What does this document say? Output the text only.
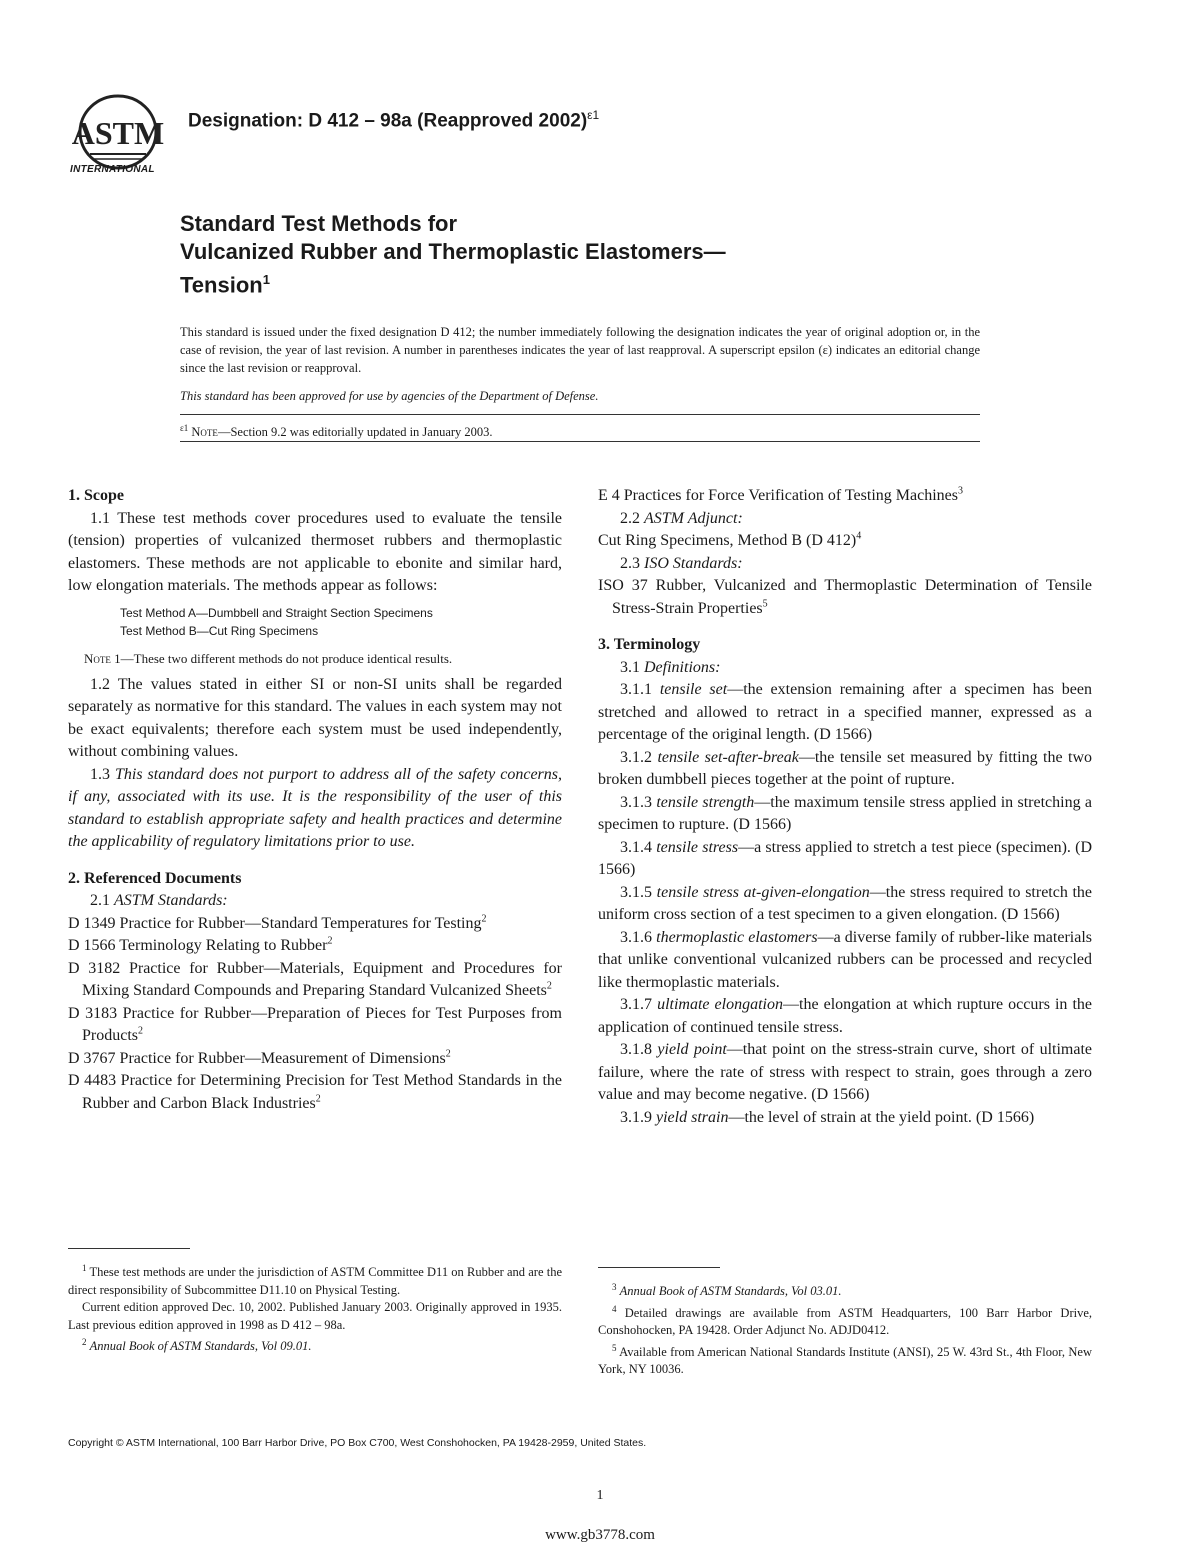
ASTM
INTERNATIONAL
Designation: D 412 – 98a (Reapproved 2002)$^{\varepsilon 1}$
Standard Test Methods for
Vulcanized Rubber and Thermoplastic Elastomers—
Tension$^1$
This standard is issued under the fixed designation D 412; the number immediately following the designation indicates the year of original adoption or, in the case of revision, the year of last revision. A number in parentheses indicates the year of last reapproval. A superscript epsilon (ε) indicates an editorial change since the last revision or reapproval.
This standard has been approved for use by agencies of the Department of Defense.
$^{\varepsilon 1}$ Note—Section 9.2 was editorially updated in January 2003.

1. Scope

1.1 These test methods cover procedures used to evaluate the tensile (tension) properties of vulcanized thermoset rubbers and thermoplastic elastomers. These methods are not applicable to ebonite and similar hard, low elongation materials. The methods appear as follows:

Test Method A—Dumbbell and Straight Section Specimens
Test Method B—Cut Ring Specimens

Note 1—These two different methods do not produce identical results.

1.2 The values stated in either SI or non-SI units shall be regarded separately as normative for this standard. The values in each system may not be exact equivalents; therefore each system must be used independently, without combining values.

1.3 This standard does not purport to address all of the safety concerns, if any, associated with its use. It is the responsibility of the user of this standard to establish appropriate safety and health practices and determine the applicability of regulatory limitations prior to use.

2. Referenced Documents

2.1 ASTM Standards:

D 1349 Practice for Rubber—Standard Temperatures for Testing$^2$

D 1566 Terminology Relating to Rubber$^2$

D 3182 Practice for Rubber—Materials, Equipment and Procedures for Mixing Standard Compounds and Preparing Standard Vulcanized Sheets$^2$

D 3183 Practice for Rubber—Preparation of Pieces for Test Purposes from Products$^2$

D 3767 Practice for Rubber—Measurement of Dimensions$^2$

D 4483 Practice for Determining Precision for Test Method Standards in the Rubber and Carbon Black Industries$^2$

E 4 Practices for Force Verification of Testing Machines$^3$

2.2 ASTM Adjunct:

Cut Ring Specimens, Method B (D 412)$^4$

2.3 ISO Standards:

ISO 37 Rubber, Vulcanized and Thermoplastic Determination of Tensile Stress-Strain Properties$^5$

3. Terminology

3.1 Definitions:

3.1.1 tensile set—the extension remaining after a specimen has been stretched and allowed to retract in a specified manner, expressed as a percentage of the original length. (D 1566)

3.1.2 tensile set-after-break—the tensile set measured by fitting the two broken dumbbell pieces together at the point of rupture.

3.1.3 tensile strength—the maximum tensile stress applied in stretching a specimen to rupture. (D 1566)

3.1.4 tensile stress—a stress applied to stretch a test piece (specimen). (D 1566)

3.1.5 tensile stress at-given-elongation—the stress required to stretch the uniform cross section of a test specimen to a given elongation. (D 1566)

3.1.6 thermoplastic elastomers—a diverse family of rubber-like materials that unlike conventional vulcanized rubbers can be processed and recycled like thermoplastic materials.

3.1.7 ultimate elongation—the elongation at which rupture occurs in the application of continued tensile stress.

3.1.8 yield point—that point on the stress-strain curve, short of ultimate failure, where the rate of stress with respect to strain, goes through a zero value and may become negative. (D 1566)

3.1.9 yield strain—the level of strain at the yield point. (D 1566)

$^1$ These test methods are under the jurisdiction of ASTM Committee D11 on Rubber and are the direct responsibility of Subcommittee D11.10 on Physical Testing.

Current edition approved Dec. 10, 2002. Published January 2003. Originally approved in 1935. Last previous edition approved in 1998 as D 412 – 98a.

$^2$ Annual Book of ASTM Standards, Vol 09.01.

$^3$ Annual Book of ASTM Standards, Vol 03.01.

$^4$ Detailed drawings are available from ASTM Headquarters, 100 Barr Harbor Drive, Conshohocken, PA 19428. Order Adjunct No. ADJD0412.

$^5$ Available from American National Standards Institute (ANSI), 25 W. 43rd St., 4th Floor, New York, NY 10036.

Copyright © ASTM International, 100 Barr Harbor Drive, PO Box C700, West Conshohocken, PA 19428-2959, United States.
1
www.gb3778.com
